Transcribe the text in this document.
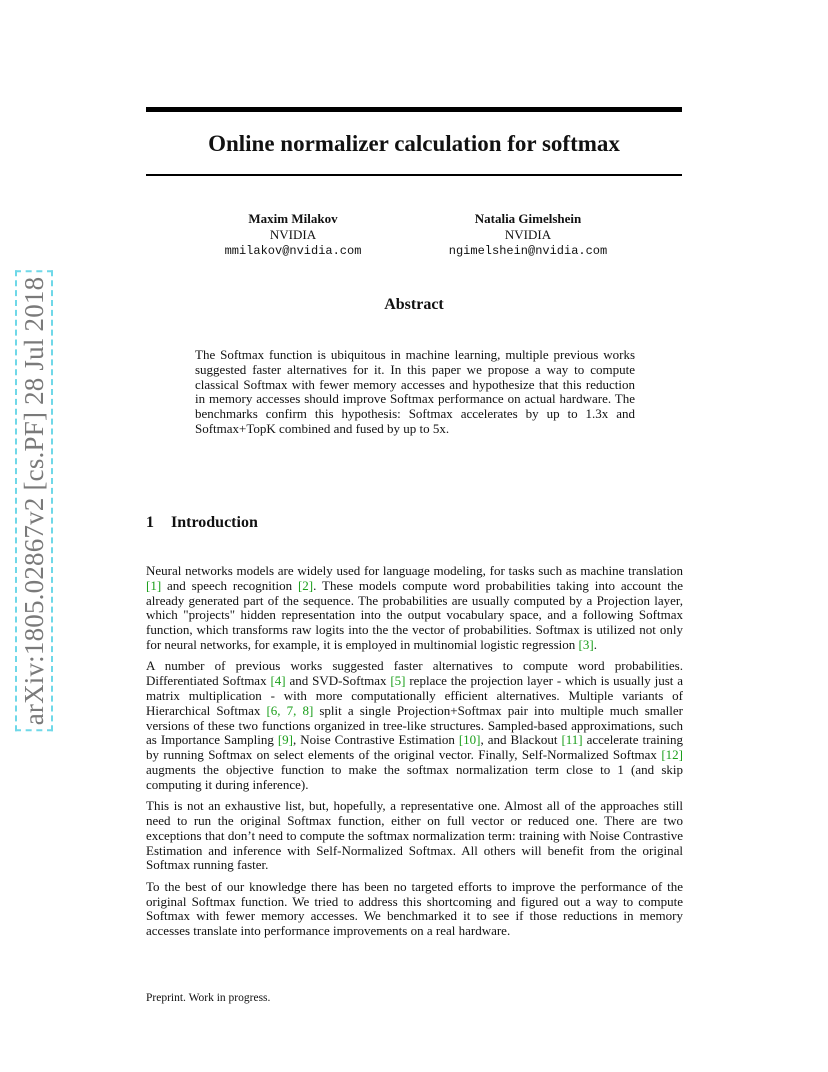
arXiv:1805.02867v2 [cs.PF] 28 Jul 2018
Online normalizer calculation for softmax
Maxim Milakov
NVIDIA
mmilakov@nvidia.com
Natalia Gimelshein
NVIDIA
ngimelshein@nvidia.com
Abstract
The Softmax function is ubiquitous in machine learning, multiple previous works suggested faster alternatives for it. In this paper we propose a way to compute classical Softmax with fewer memory accesses and hypothesize that this reduction in memory accesses should improve Softmax performance on actual hardware. The benchmarks confirm this hypothesis: Softmax accelerates by up to 1.3x and Softmax+TopK combined and fused by up to 5x.
1 Introduction

Neural networks models are widely used for language modeling, for tasks such as machine translation [1] and speech recognition [2]. These models compute word probabilities taking into account the already generated part of the sequence. The probabilities are usually computed by a Projection layer, which "projects" hidden representation into the output vocabulary space, and a following Softmax function, which transforms raw logits into the the vector of probabilities. Softmax is utilized not only for neural networks, for example, it is employed in multinomial logistic regression [3].

A number of previous works suggested faster alternatives to compute word probabilities. Differentiated Softmax [4] and SVD-Softmax [5] replace the projection layer - which is usually just a matrix multiplication - with more computationally efficient alternatives. Multiple variants of Hierarchical Softmax [6, 7, 8] split a single Projection+Softmax pair into multiple much smaller versions of these two functions organized in tree-like structures. Sampled-based approximations, such as Importance Sampling [9], Noise Contrastive Estimation [10], and Blackout [11] accelerate training by running Softmax on select elements of the original vector. Finally, Self-Normalized Softmax [12] augments the objective function to make the softmax normalization term close to 1 (and skip computing it during inference).

This is not an exhaustive list, but, hopefully, a representative one. Almost all of the approaches still need to run the original Softmax function, either on full vector or reduced one. There are two exceptions that don’t need to compute the softmax normalization term: training with Noise Contrastive Estimation and inference with Self-Normalized Softmax. All others will benefit from the original Softmax running faster.

To the best of our knowledge there has been no targeted efforts to improve the performance of the original Softmax function. We tried to address this shortcoming and figured out a way to compute Softmax with fewer memory accesses. We benchmarked it to see if those reductions in memory accesses translate into performance improvements on a real hardware.

Preprint. Work in progress.
